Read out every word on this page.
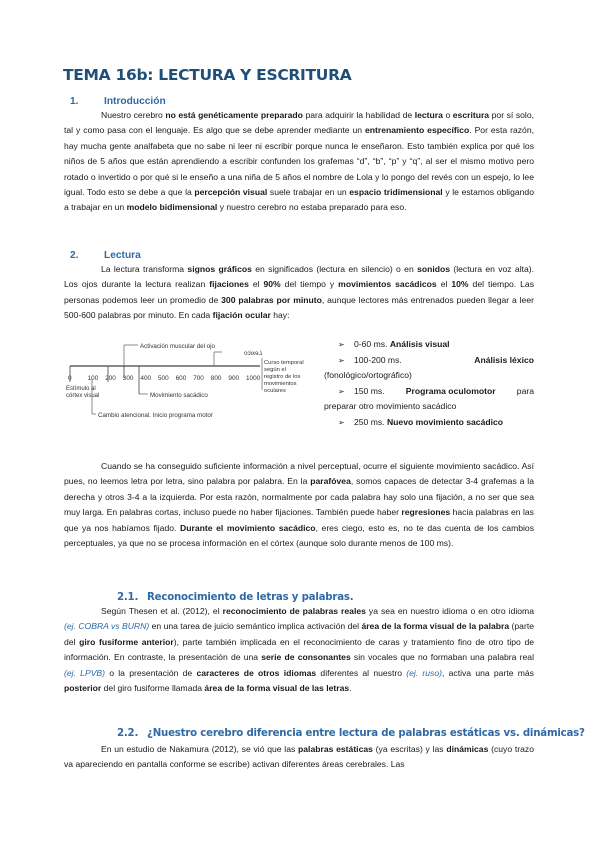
TEMA 16b: LECTURA Y ESCRITURA
1.	Introducción

Nuestro cerebro no está genéticamente preparado para adquirir la habilidad de lectura o escritura por sí solo, tal y como pasa con el lenguaje. Es algo que se debe aprender mediante un entrenamiento específico. Por esta razón, hay mucha gente analfabeta que no sabe ni leer ni escribir porque nunca le enseñaron. Esto también explica por qué los niños de 5 años que están aprendiendo a escribir confunden los grafemas “d”, “b”, “p” y “q”, al ser el mismo motivo pero rotado o invertido o por qué si le enseño a una niña de 5 años el nombre de Lola y lo pongo del revés con un espejo, lo lee igual. Todo esto se debe a que la percepción visual suele trabajar en un espacio tridimensional y le estamos obligando a trabajar en un modelo bidimensional y nuestro cerebro no estaba preparado para eso.

2.	Lectura

La lectura transforma signos gráficos en significados (lectura en silencio) o en sonidos (lectura en voz alta). Los ojos durante la lectura realizan fijaciones el 90% del tiempo y movimientos sacádicos el 10% del tiempo. Las personas podemos leer un promedio de 300 palabras por minuto, aunque lectores más entrenados pueden llegar a leer 500-600 palabras por minuto. En cada fijación ocular hay:

Activación muscular del ojo
Lexico
0	100 200 300 400 500 600 700 800 900 1000
Curso temporal
según el
registro de los
movimientos
oculares
Estímulo al
córtex visual	Movimiento sacádico
Cambio atencional. Inicio programa motor
➢	0-60 ms. Análisis visual
➢	100-200 ms.	Análisis léxico
(fonológico/ortográfico)
➢	150 ms. Programa oculomotor para
preparar otro movimiento sacádico
➢	250 ms. Nuevo movimiento sacádico

Cuando se ha conseguido suficiente información a nivel perceptual, ocurre el siguiente movimiento sacádico. Así pues, no leemos letra por letra, sino palabra por palabra. En la parafóvea, somos capaces de detectar 3-4 grafemas a la derecha y otros 3-4 a la izquierda. Por esta razón, normalmente por cada palabra hay solo una fijación, a no ser que sea muy larga. En palabras cortas, incluso puede no haber fijaciones. También puede haber regresiones hacia palabras en las que ya nos habíamos fijado. Durante el movimiento sacádico, eres ciego, esto es, no te das cuenta de los cambios perceptuales, ya que no se procesa información en el córtex (aunque solo durante menos de 100 ms).

2.1. Reconocimiento de letras y palabras.

Según Thesen et al. (2012), el reconocimiento de palabras reales ya sea en nuestro idioma o en otro idioma (ej. COBRA vs BURN) en una tarea de juicio semántico implica activación del área de la forma visual de la palabra (parte del giro fusiforme anterior), parte también implicada en el reconocimiento de caras y tratamiento fino de otro tipo de información. En contraste, la presentación de una serie de consonantes sin vocales que no formaban una palabra real (ej. LPVB) o la presentación de caracteres de otros idiomas diferentes al nuestro (ej. ruso), activa una parte más posterior del giro fusiforme llamada área de la forma visual de las letras.

2.2. ¿Nuestro cerebro diferencia entre lectura de palabras estáticas vs. dinámicas?

En un estudio de Nakamura (2012), se vió que las palabras estáticas (ya escritas) y las dinámicas (cuyo trazo va apareciendo en pantalla conforme se escribe) activan diferentes áreas cerebrales. Las
